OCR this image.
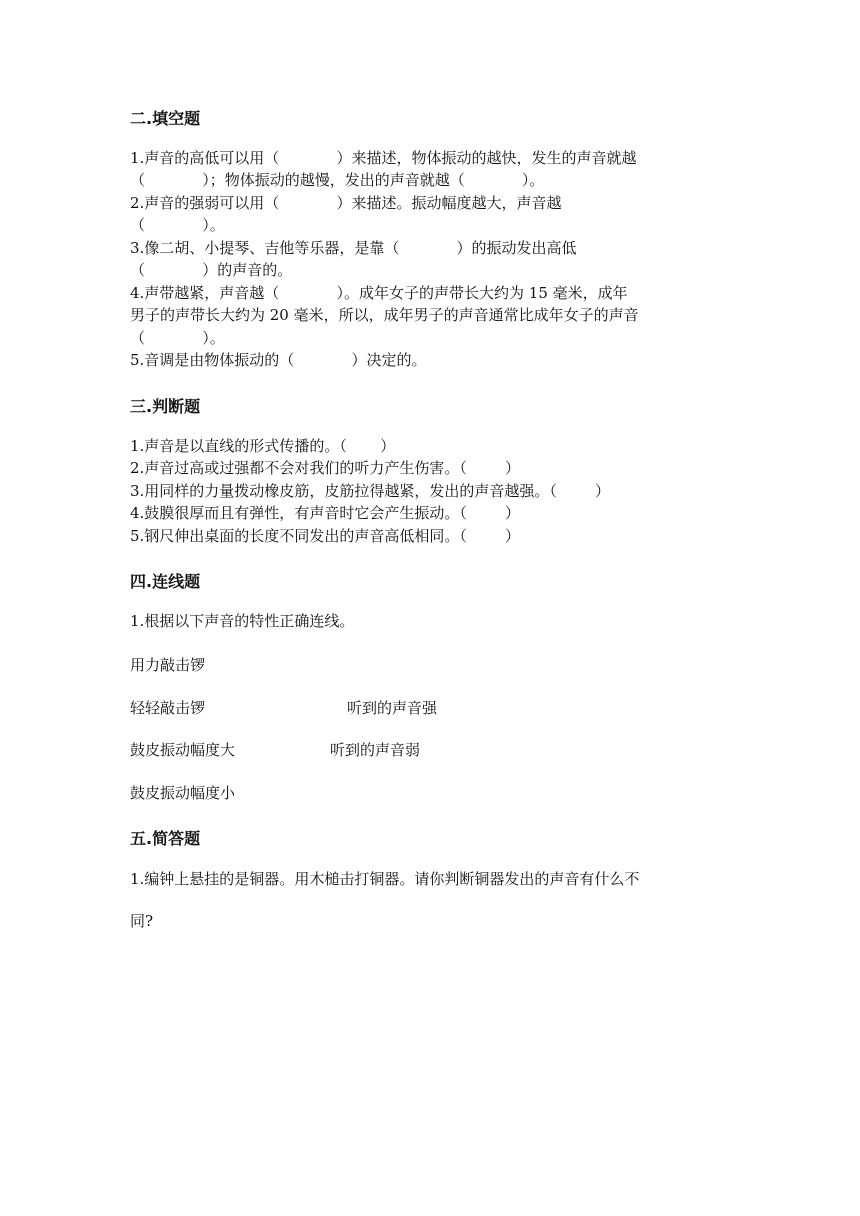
二.填空题
1.声音的高低可以用（            ）来描述，物体振动的越快，发生的声音就越
（            ）；物体振动的越慢，发出的声音就越（            ）。
2.声音的强弱可以用（            ）来描述。振动幅度越大，声音越
（            ）。
3.像二胡、小提琴、吉他等乐器，是靠（            ）的振动发出高低
（            ）的声音的。
4.声带越紧，声音越（            ）。成年女子的声带长大约为 15 毫米，成年
男子的声带长大约为 20 毫米，所以，成年男子的声音通常比成年女子的声音
（            ）。
5.音调是由物体振动的（            ）决定的。
三.判断题
1.声音是以直线的形式传播的。（       ）
2.声音过高或过强都不会对我们的听力产生伤害。（        ）
3.用同样的力量拨动橡皮筋，皮筋拉得越紧，发出的声音越强。（        ）
4.鼓膜很厚而且有弹性，有声音时它会产生振动。（        ）
5.钢尺伸出桌面的长度不同发出的声音高低相同。（        ）
四.连线题
1.根据以下声音的特性正确连线。
用力敲击锣
轻轻敲击锣
鼓皮振动幅度大
鼓皮振动幅度小
听到的声音强
听到的声音弱
五.简答题
1.编钟上悬挂的是铜器。用木槌击打铜器。请你判断铜器发出的声音有什么不
同?
